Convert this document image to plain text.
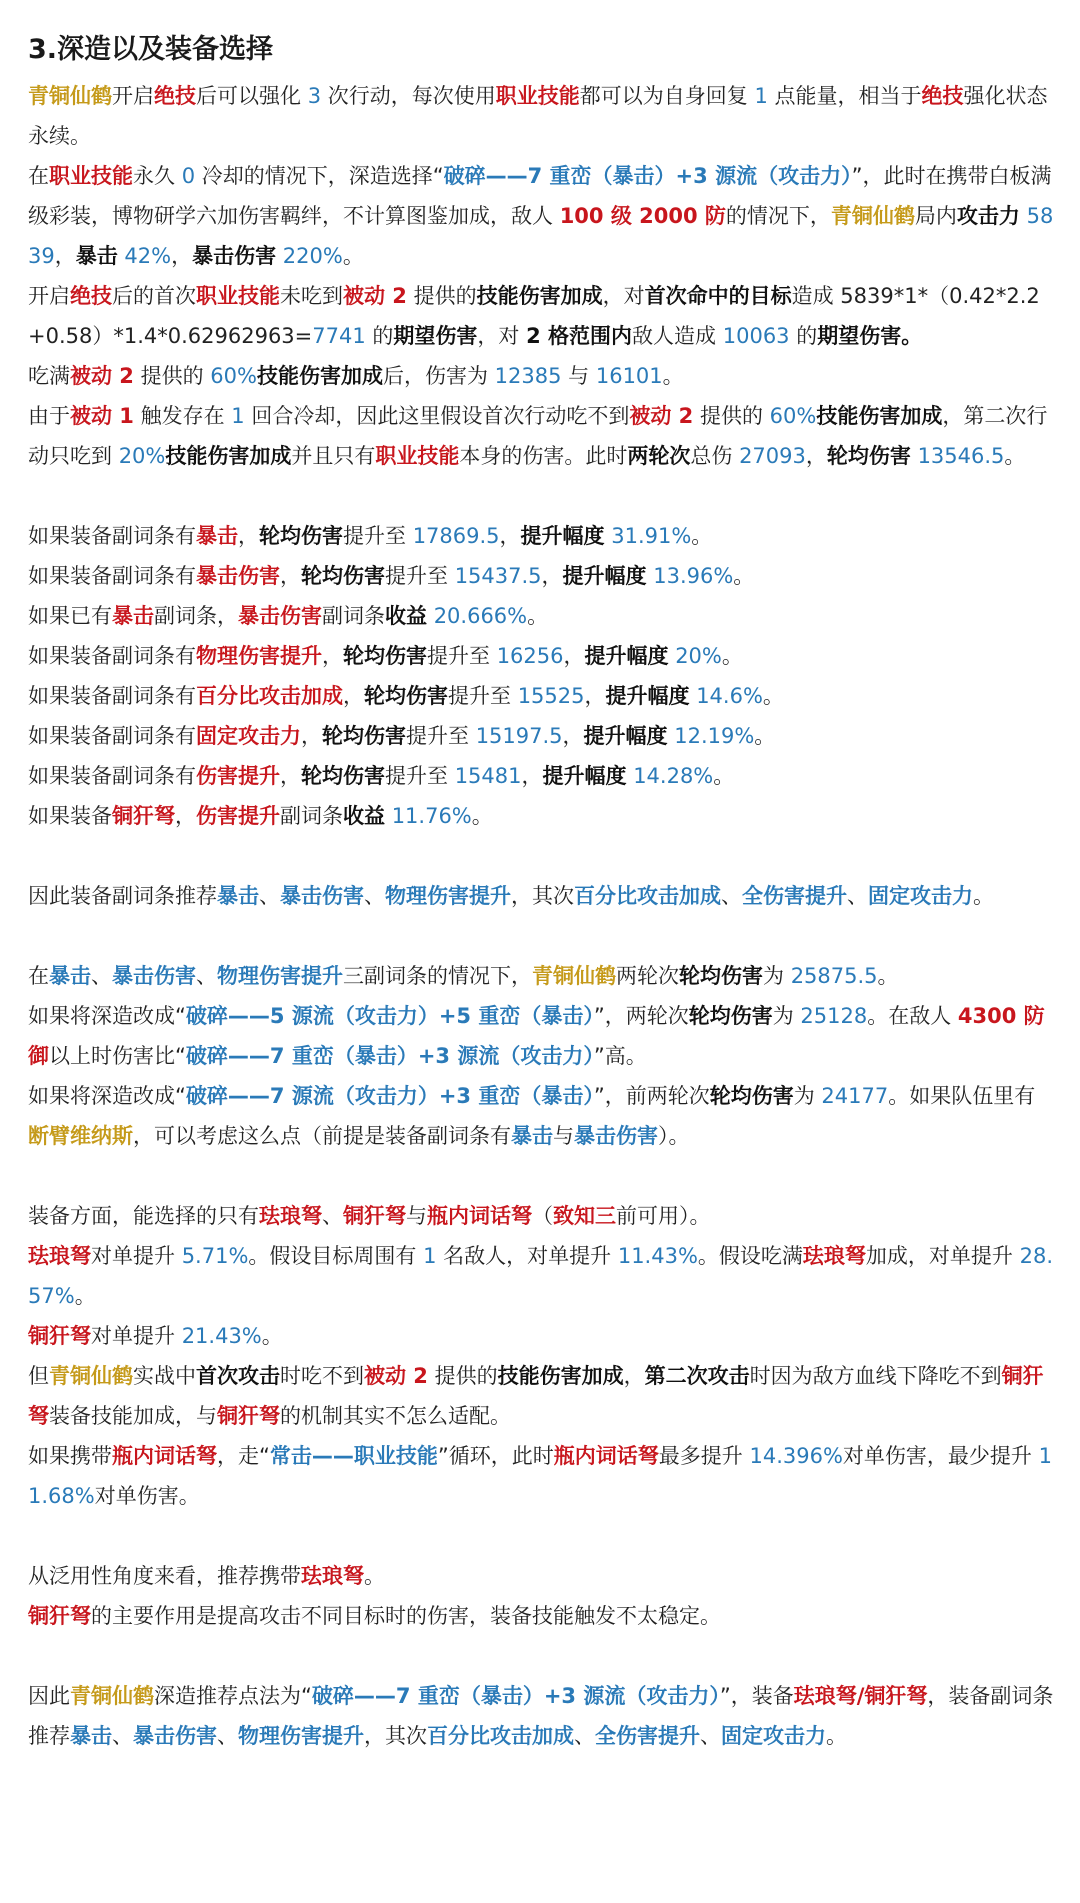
3.深造以及装备选择

青铜仙鹤开启绝技后可以强化 3 次行动，每次使用职业技能都可以为自身回复 1 点能量，相当于绝技强化状态永续。

在职业技能永久 0 冷却的情况下，深造选择“破碎——7 重峦（暴击）+3 源流（攻击力）”，此时在携带白板满级彩装，博物研学六加伤害羁绊，不计算图鉴加成，敌人 100 级 2000 防的情况下，青铜仙鹤局内攻击力 5839，暴击 42%，暴击伤害 220%。

开启绝技后的首次职业技能未吃到被动 2 提供的技能伤害加成，对首次命中的目标造成 5839*1*（0.42*2.2+0.58）*1.4*0.62962963=7741 的期望伤害，对 2 格范围内敌人造成 10063 的期望伤害。

吃满被动 2 提供的 60%技能伤害加成后，伤害为 12385 与 16101。

由于被动 1 触发存在 1 回合冷却，因此这里假设首次行动吃不到被动 2 提供的 60%技能伤害加成，第二次行动只吃到 20%技能伤害加成并且只有职业技能本身的伤害。此时两轮次总伤 27093，轮均伤害 13546.5。

如果装备副词条有暴击，轮均伤害提升至 17869.5，提升幅度 31.91%。

如果装备副词条有暴击伤害，轮均伤害提升至 15437.5，提升幅度 13.96%。

如果已有暴击副词条，暴击伤害副词条收益 20.666%。

如果装备副词条有物理伤害提升，轮均伤害提升至 16256，提升幅度 20%。

如果装备副词条有百分比攻击加成，轮均伤害提升至 15525，提升幅度 14.6%。

如果装备副词条有固定攻击力，轮均伤害提升至 15197.5，提升幅度 12.19%。

如果装备副词条有伤害提升，轮均伤害提升至 15481，提升幅度 14.28%。

如果装备铜犴弩，伤害提升副词条收益 11.76%。

因此装备副词条推荐暴击、暴击伤害、物理伤害提升，其次百分比攻击加成、全伤害提升、固定攻击力。

在暴击、暴击伤害、物理伤害提升三副词条的情况下，青铜仙鹤两轮次轮均伤害为 25875.5。

如果将深造改成“破碎——5 源流（攻击力）+5 重峦（暴击）”，两轮次轮均伤害为 25128。在敌人 4300 防御以上时伤害比“破碎——7 重峦（暴击）+3 源流（攻击力）”高。

如果将深造改成“破碎——7 源流（攻击力）+3 重峦（暴击）”，前两轮次轮均伤害为 24177。如果队伍里有断臂维纳斯，可以考虑这么点（前提是装备副词条有暴击与暴击伤害）。

装备方面，能选择的只有珐琅弩、铜犴弩与瓶内词话弩（致知三前可用）。

珐琅弩对单提升 5.71%。假设目标周围有 1 名敌人，对单提升 11.43%。假设吃满珐琅弩加成，对单提升 28.57%。

铜犴弩对单提升 21.43%。

但青铜仙鹤实战中首次攻击时吃不到被动 2 提供的技能伤害加成，第二次攻击时因为敌方血线下降吃不到铜犴弩装备技能加成，与铜犴弩的机制其实不怎么适配。

如果携带瓶内词话弩，走“常击——职业技能”循环，此时瓶内词话弩最多提升 14.396%对单伤害，最少提升 11.68%对单伤害。

从泛用性角度来看，推荐携带珐琅弩。

铜犴弩的主要作用是提高攻击不同目标时的伤害，装备技能触发不太稳定。

因此青铜仙鹤深造推荐点法为“破碎——7 重峦（暴击）+3 源流（攻击力）”，装备珐琅弩/铜犴弩，装备副词条推荐暴击、暴击伤害、物理伤害提升，其次百分比攻击加成、全伤害提升、固定攻击力。
